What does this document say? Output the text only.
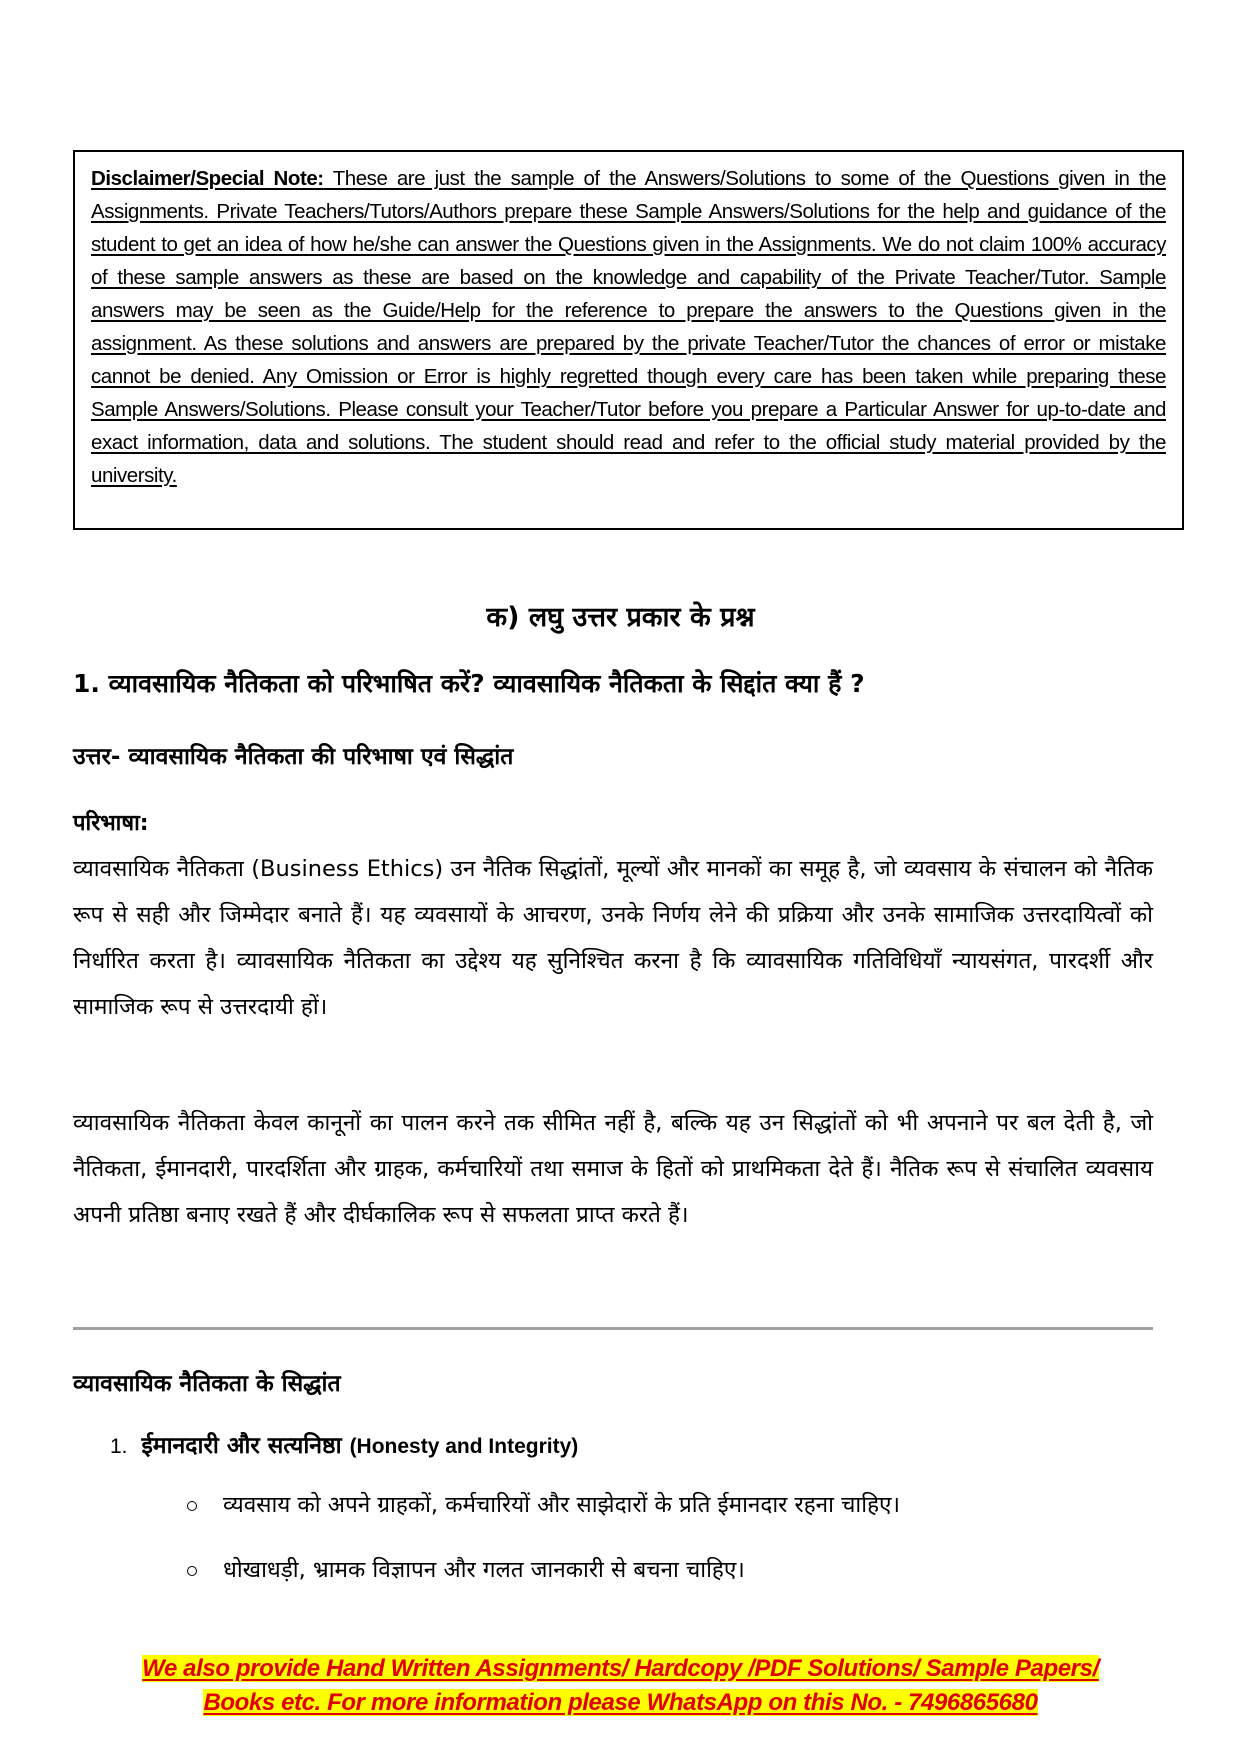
Disclaimer/Special Note: These are just the sample of the Answers/Solutions to some of the Questions given in the Assignments. Private Teachers/Tutors/Authors prepare these Sample Answers/Solutions for the help and guidance of the student to get an idea of how he/she can answer the Questions given in the Assignments. We do not claim 100% accuracy of these sample answers as these are based on the knowledge and capability of the Private Teacher/Tutor. Sample answers may be seen as the Guide/Help for the reference to prepare the answers to the Questions given in the assignment. As these solutions and answers are prepared by the private Teacher/Tutor the chances of error or mistake cannot be denied. Any Omission or Error is highly regretted though every care has been taken while preparing these Sample Answers/Solutions. Please consult your Teacher/Tutor before you prepare a Particular Answer for up-to-date and exact information, data and solutions. The student should read and refer to the official study material provided by the university.

क) लघु उत्तर प्रकार के प्रश्न
1. व्यावसायिक नैतिकता को परिभाषित करें? व्यावसायिक नैतिकता के सिद्दांत क्या हैं ?
उत्तर- व्यावसायिक नैतिकता की परिभाषा एवं सिद्धांत
परिभाषा:

व्यावसायिक नैतिकता (Business Ethics) उन नैतिक सिद्धांतों, मूल्यों और मानकों का समूह है, जो व्यवसाय के संचालन को नैतिक रूप से सही और जिम्मेदार बनाते हैं। यह व्यवसायों के आचरण, उनके निर्णय लेने की प्रक्रिया और उनके सामाजिक उत्तरदायित्वों को निर्धारित करता है। व्यावसायिक नैतिकता का उद्देश्य यह सुनिश्चित करना है कि व्यावसायिक गतिविधियाँ न्यायसंगत, पारदर्शी और सामाजिक रूप से उत्तरदायी हों।

व्यावसायिक नैतिकता केवल कानूनों का पालन करने तक सीमित नहीं है, बल्कि यह उन सिद्धांतों को भी अपनाने पर बल देती है, जो नैतिकता, ईमानदारी, पारदर्शिता और ग्राहक, कर्मचारियों तथा समाज के हितों को प्राथमिकता देते हैं। नैतिक रूप से संचालित व्यवसाय अपनी प्रतिष्ठा बनाए रखते हैं और दीर्घकालिक रूप से सफलता प्राप्त करते हैं।

व्यावसायिक नैतिकता के सिद्धांत
1. ईमानदारी और सत्यनिष्ठा (Honesty and Integrity)
व्यवसाय को अपने ग्राहकों, कर्मचारियों और साझेदारों के प्रति ईमानदार रहना चाहिए।
धोखाधड़ी, भ्रामक विज्ञापन और गलत जानकारी से बचना चाहिए।
We also provide Hand Written Assignments/ Hardcopy /PDF Solutions/ Sample Papers/
Books etc. For more information please WhatsApp on this No. - 7496865680
